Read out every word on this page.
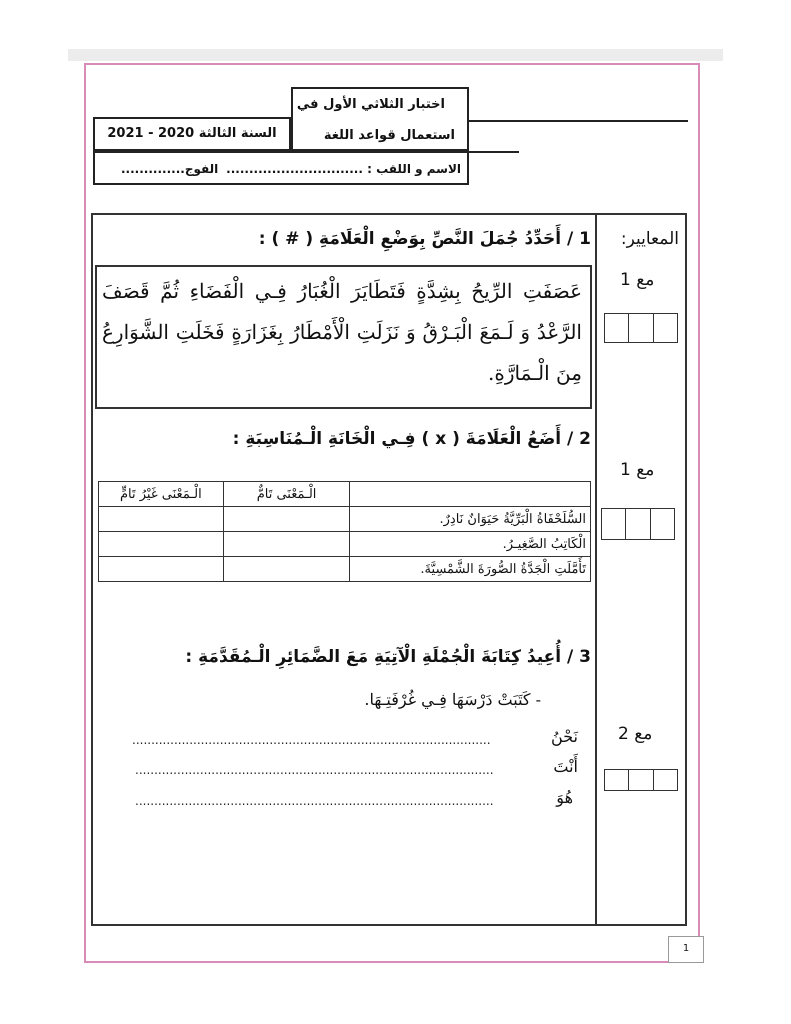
اختبار الثلاثي الأول في
استعمال قواعد اللغة
السنة الثالثة 2020 - 2021
الاسم و اللقب : ..............................
الفوج..............
المعايير:
مع 1
مع 1
مع 2
1 / أَحَدِّدُ جُمَلَ النَّصِّ بِوَضْعِ الْعَلَامَةِ ( # ) :
عَصَفَتِ الرِّيحُ بِشِدَّةٍ فَتَطَايَرَ الْغُبَارُ فِـي الْفَضَاءِ ثُمَّ قَصَفَ الرَّعْدُ وَ لَـمَعَ الْبَـرْقُ وَ نَزَلَتِ الْأَمْطَارُ بِغَزَارَةٍ فَخَلَتِ الشَّوَارِعُ مِنَ الْـمَارَّةِ.
2 / أَضَعُ الْعَلَامَةَ ( x ) فِـي الْخَانَةِ الْـمُنَاسِبَةِ :
	الْـمَعْنَى تَامٌّ	الْـمَعْنَى غَيْرُ تَامٍّ
السُّلَحْفَاةُ الْبَرِّيَّةُ حَيَوَانٌ نَادِرٌ.		
الْكَاتِبُ الصَّغِيـرُ.		
تَأَمَّلَتِ الْجَدَّةُ الصُّورَةَ الشَّمْسِيَّةَ.		
3 / أُعِيدُ كِتَابَةَ الْجُمْلَةِ الْآتِيَةِ مَعَ الضَّمَائِرِ الْـمُقَدَّمَةِ :
- كَتَبَتْ دَرْسَهَا فِـي غُرْفَتِـهَا.
نَحْنُ
..............................................................................................
أَنْتَ
..............................................................................................
هُوَ
..............................................................................................
1
